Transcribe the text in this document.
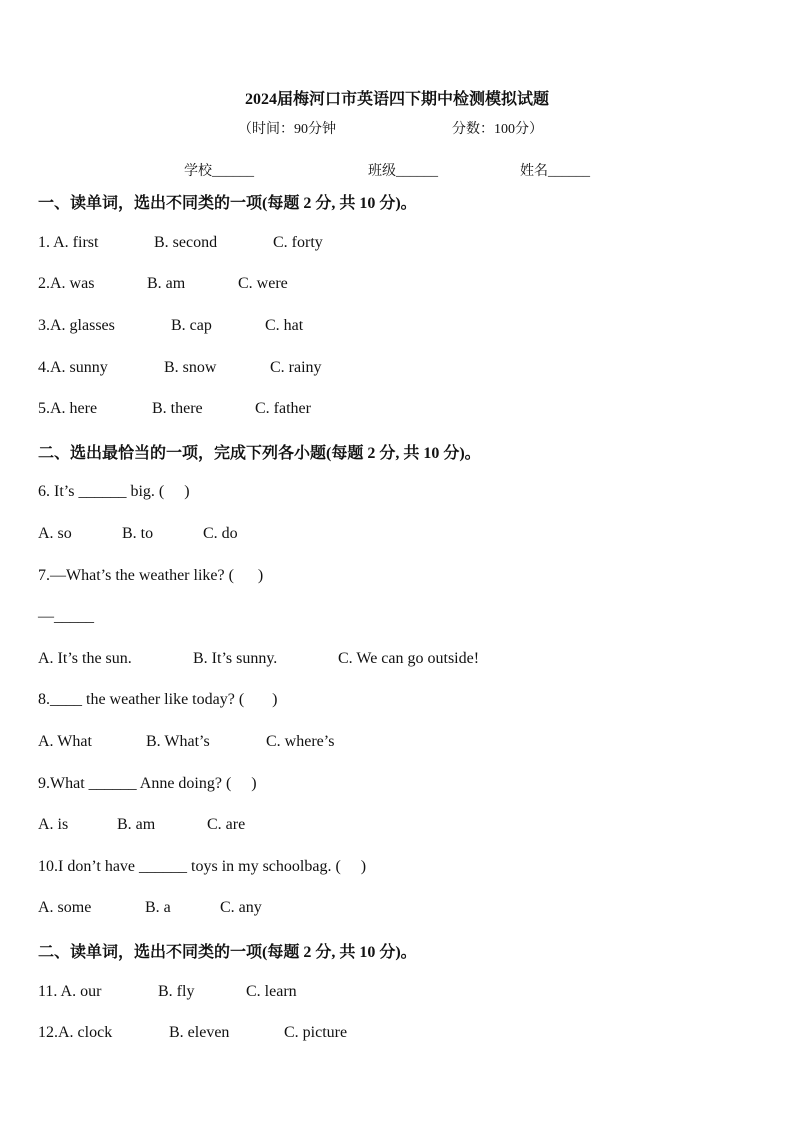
2024届梅河口市英语四下期中检测模拟试题
（时间：90分钟	分数：100分）
学校______	班级______	姓名______
一、读单词，选出不同类的一项(每题 2 分, 共 10 分)。
1. A. first	B. second	C. forty
2.A. was	B. am	C. were
3.A. glasses	B. cap	C. hat
4.A. sunny	B. snow	C. rainy
5.A. here	B. there	C. father
二、选出最恰当的一项，完成下列各小题(每题 2 分, 共 10 分)。
6. It’s ______ big. (     )
A. so	B. to	C. do
7.—What’s the weather like? (      )
—_____
A. It’s the sun.	B. It’s sunny.	C. We can go outside!
8.____ the weather like today? (       )
A. What	B. What’s	C. where’s
9.What ______ Anne doing? (     )
A. is	B. am	C. are
10.I don’t have ______ toys in my schoolbag. (     )
A. some	B. a	C. any
二、读单词，选出不同类的一项(每题 2 分, 共 10 分)。
11. A. our	B. fly	C. learn
12.A. clock	B. eleven	C. picture
